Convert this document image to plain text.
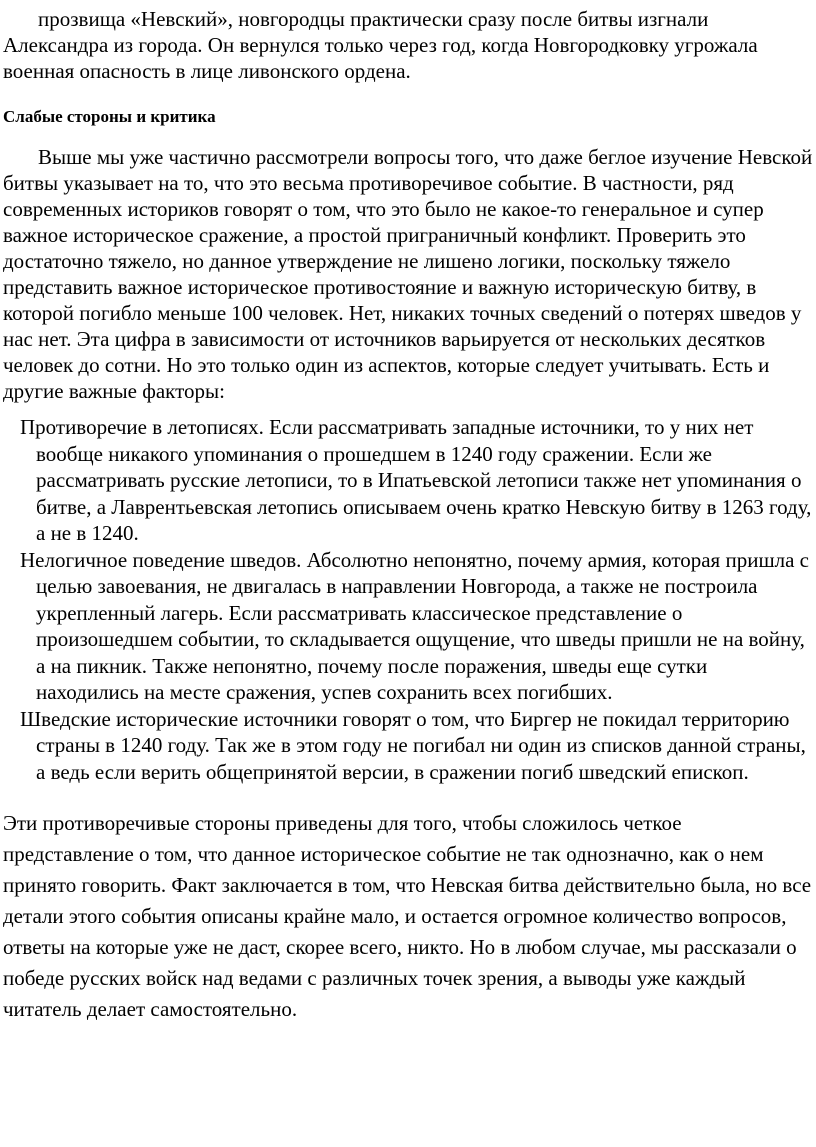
прозвища «Невский», новгородцы практически сразу после битвы изгнали Александра из города. Он вернулся только через год, когда Новгородковку угрожала военная опасность в лице ливонского ордена.

Слабые стороны и критика

Выше мы уже частично рассмотрели вопросы того, что даже беглое изучение Невской битвы указывает на то, что это весьма противоречивое событие. В частности, ряд современных историков говорят о том, что это было не какое-то генеральное и супер важное историческое сражение, а простой приграничный конфликт. Проверить это достаточно тяжело, но данное утверждение не лишено логики, поскольку тяжело представить важное историческое противостояние и важную историческую битву, в которой погибло меньше 100 человек. Нет, никаких точных сведений о потерях шведов у нас нет. Эта цифра в зависимости от источников варьируется от нескольких десятков человек до сотни. Но это только один из аспектов, которые следует учитывать. Есть и другие важные факторы:

Противоречие в летописях. Если рассматривать западные источники, то у них нет вообще никакого упоминания о прошедшем в 1240 году сражении. Если же рассматривать русские летописи, то в Ипатьевской летописи также нет упоминания о битве, а Лаврентьевская летопись описываем очень кратко Невскую битву в 1263 году, а не в 1240.
Нелогичное поведение шведов. Абсолютно непонятно, почему армия, которая пришла с целью завоевания, не двигалась в направлении Новгорода, а также не построила укрепленный лагерь. Если рассматривать классическое представление о произошедшем событии, то складывается ощущение, что шведы пришли не на войну, а на пикник. Также непонятно, почему после поражения, шведы еще сутки находились на месте сражения, успев сохранить всех погибших.
Шведские исторические источники говорят о том, что Биргер не покидал территорию страны в 1240 году. Так же в этом году не погибал ни один из списков данной страны, а ведь если верить общепринятой версии, в сражении погиб шведский епископ.

Эти противоречивые стороны приведены для того, чтобы сложилось четкое представление о том, что данное историческое событие не так однозначно, как о нем принято говорить. Факт заключается в том, что Невская битва действительно была, но все детали этого события описаны крайне мало, и остается огромное количество вопросов, ответы на которые уже не даст, скорее всего, никто. Но в любом случае, мы рассказали о победе русских войск над ведами с различных точек зрения, а выводы уже каждый читатель делает самостоятельно.
